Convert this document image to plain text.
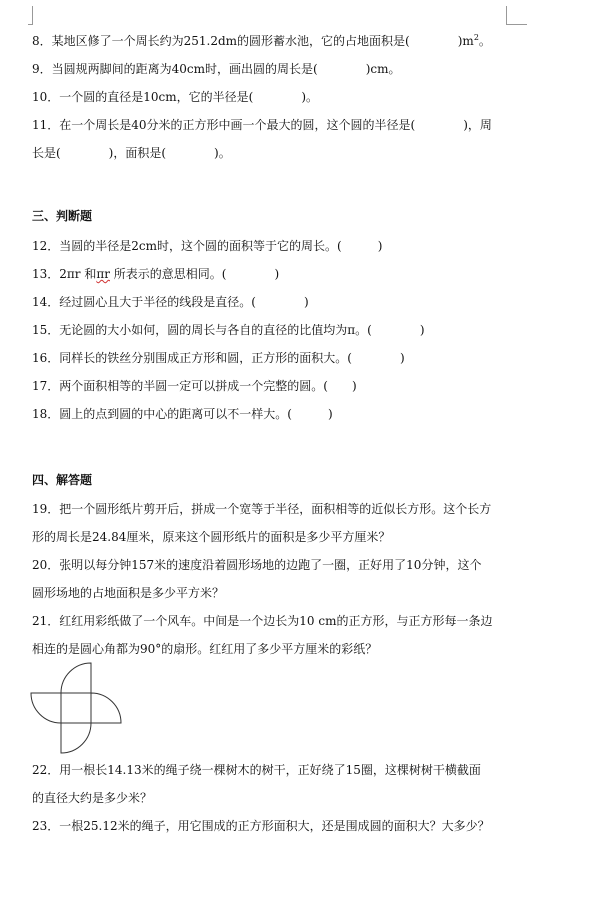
8．某地区修了一个周长约为251.2dm的圆形蓄水池，它的占地面积是(　　　　	)$m^2$。
9．当圆规两脚间的距离为40cm时，画出圆的周长是(　　　　)cm。
10．一个圆的直径是10cm，它的半径是(　　　　)。
11．在一个周长是40分米的正方形中画一个最大的圆，这个圆的半径是(　　　　)，周
长是(　　　　)，面积是(　　　　)。
三、判断题
12．当圆的半径是2cm时，这个圆的面积等于它的周长。(　　　)
13．2πr 和πr 所表示的意思相同。(　　　　)
14．经过圆心且大于半径的线段是直径。(　　　　)
15．无论圆的大小如何，圆的周长与各自的直径的比值均为π。(　　　　)
16．同样长的铁丝分别围成正方形和圆，正方形的面积大。(　　　　)
17．两个面积相等的半圆一定可以拼成一个完整的圆。(　　)
18．圆上的点到圆的中心的距离可以不一样大。(　　　)
四、解答题
19．把一个圆形纸片剪开后，拼成一个宽等于半径，面积相等的近似长方形。这个长方
形的周长是24.84厘米，原来这个圆形纸片的面积是多少平方厘米？
20．张明以每分钟157米的速度沿着圆形场地的边跑了一圈，正好用了10分钟，这个
圆形场地的占地面积是多少平方米？
21．红红用彩纸做了一个风车。中间是一个边长为10 cm的正方形，与正方形每一条边
相连的是圆心角都为90°的扇形。红红用了多少平方厘米的彩纸？
22．用一根长14.13米的绳子绕一棵树木的树干，正好绕了15圈，这棵树树干横截面
的直径大约是多少米？
23．一根25.12米的绳子，用它围成的正方形面积大，还是围成圆的面积大？大多少？
